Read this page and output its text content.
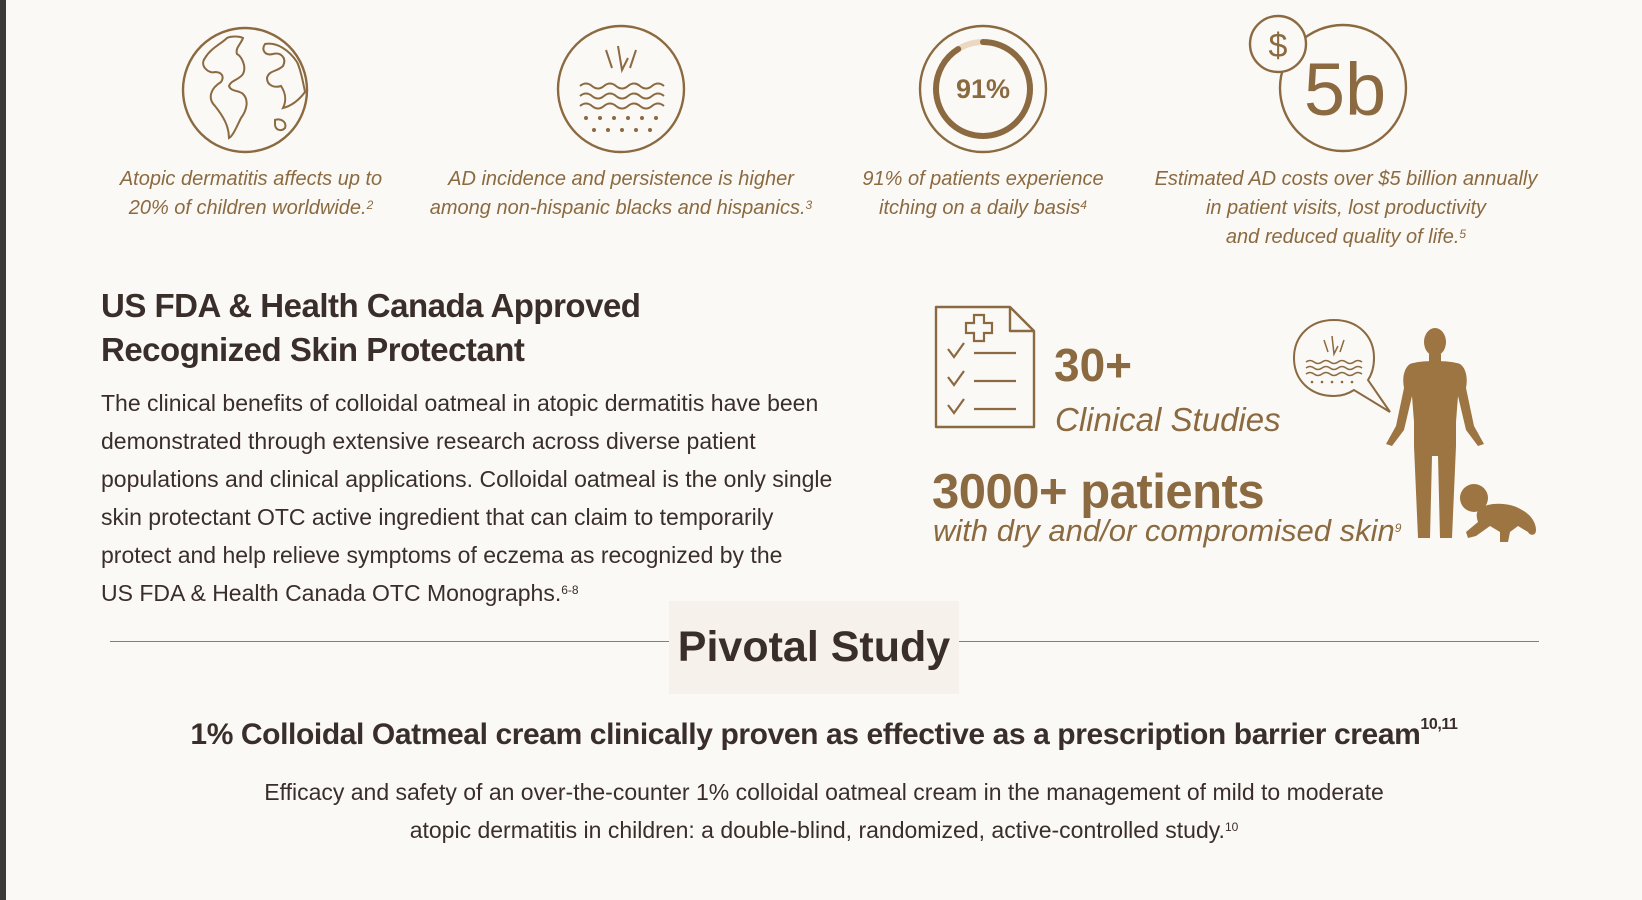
Atopic dermatitis affects up to
20% of children worldwide.$^2$
AD incidence and persistence is higher
among non-hispanic blacks and hispanics.$^3$
91%
91% of patients experience
itching on a daily basis$^4$
$
5b
Estimated AD costs over $5 billion annually
in patient visits, lost productivity
and reduced quality of life.$^5$
US FDA & Health Canada Approved
Recognized Skin Protectant
The clinical benefits of colloidal oatmeal in atopic dermatitis have been
demonstrated through extensive research across diverse patient
populations and clinical applications. Colloidal oatmeal is the only single
skin protectant OTC active ingredient that can claim to temporarily
protect and help relieve symptoms of eczema as recognized by the
US FDA & Health Canada OTC Monographs.$^{6-8}$
30+
Clinical Studies
3000+ patients
with dry and/or compromised skin$^9$
Pivotal Study
1% Colloidal Oatmeal cream clinically proven as effective as a prescription barrier cream$^{10,11}$
Efficacy and safety of an over-the-counter 1% colloidal oatmeal cream in the management of mild to moderate
atopic dermatitis in children: a double-blind, randomized, active-controlled study.$^{10}$
